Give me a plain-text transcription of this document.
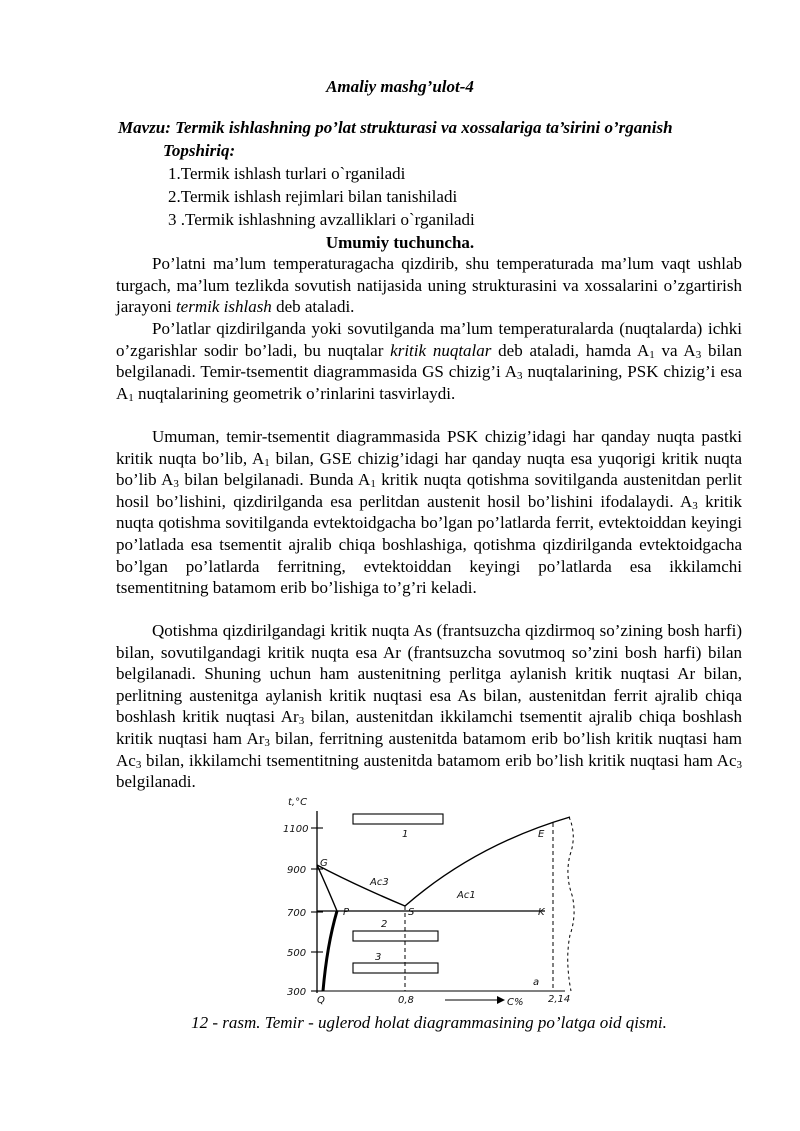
Amaliy mashg’ulot-4
Mavzu: Termik ishlashning po’lat strukturasi va xossalariga ta’sirini o’rganish
Topshiriq:
1.Termik ishlash turlari o`rganiladi
2.Termik ishlash rejimlari bilan tanishiladi
3 .Termik ishlashning avzalliklari o`rganiladi
Umumiy tuchuncha.

Po’latni ma’lum temperaturagacha qizdirib, shu temperaturada ma’lum vaqt ushlab turgach, ma’lum tezlikda sovutish natijasida uning strukturasini va xossalarini o’zgartirish jarayoni termik ishlash deb ataladi.

Po’latlar qizdirilganda yoki sovutilganda ma’lum temperaturalarda (nuqtalarda) ichki o’zgarishlar sodir bo’ladi, bu nuqtalar kritik nuqtalar deb ataladi, hamda $A_1$ va $A_3$ bilan belgilanadi. Temir-tsementit diagrammasida GS chizig’i $A_3$ nuqtalarining, PSK chizig’i esa $A_1$ nuqtalarining geometrik o’rinlarini tasvirlaydi.

Umuman, temir-tsementit diagrammasida PSK chizig’idagi har qanday nuqta pastki kritik nuqta bo’lib, $A_1$ bilan, GSE chizig’idagi har qanday nuqta esa yuqorigi kritik nuqta bo’lib $A_3$ bilan belgilanadi. Bunda $A_1$ kritik nuqta qotishma sovitilganda austenitdan perlit hosil bo’lishini, qizdirilganda esa perlitdan austenit hosil bo’lishini ifodalaydi. $A_3$ kritik nuqta qotishma sovitilganda evtektoidgacha bo’lgan po’latlarda ferrit, evtektoiddan keyingi po’latlada esa tsementit ajralib chiqa boshlashiga, qotishma qizdirilganda evtektoidgacha bo’lgan po’latlarda ferritning, evtektoiddan keyingi po’latlarda esa ikkilamchi tsementitning batamom erib bo’lishiga to’g’ri keladi.

Qotishma qizdirilgandagi kritik nuqta As (frantsuzcha qizdirmoq so’zining bosh harfi) bilan, sovutilgandagi kritik nuqta esa Ar (frantsuzcha sovutmoq so’zini bosh harfi) bilan belgilanadi. Shuning uchun ham austenitning perlitga aylanish kritik nuqtasi Ar bilan, perlitning austenitga aylanish kritik nuqtasi esa As bilan, austenitdan ferrit ajralib chiqa boshlash kritik nuqtasi $Ar_3$ bilan, austenitdan ikkilamchi tsementit ajralib chiqa boshlash kritik nuqtasi ham $Ar_3$ bilan, ferritning austenitda batamom erib bo’lish kritik nuqtasi ham $Ac_3$ bilan, ikkilamchi tsementitning austenitda batamom erib bo’lish kritik nuqtasi ham $Ac_3$ belgilanadi.

t,°C
1100
900
700
500
300
1
2
3
G
P	S	K
Q
E
a
Ac3
Ac1
0,8	C% 2,14
12 - rasm. Temir - uglerod holat diagrammasining po’latga oid qismi.
